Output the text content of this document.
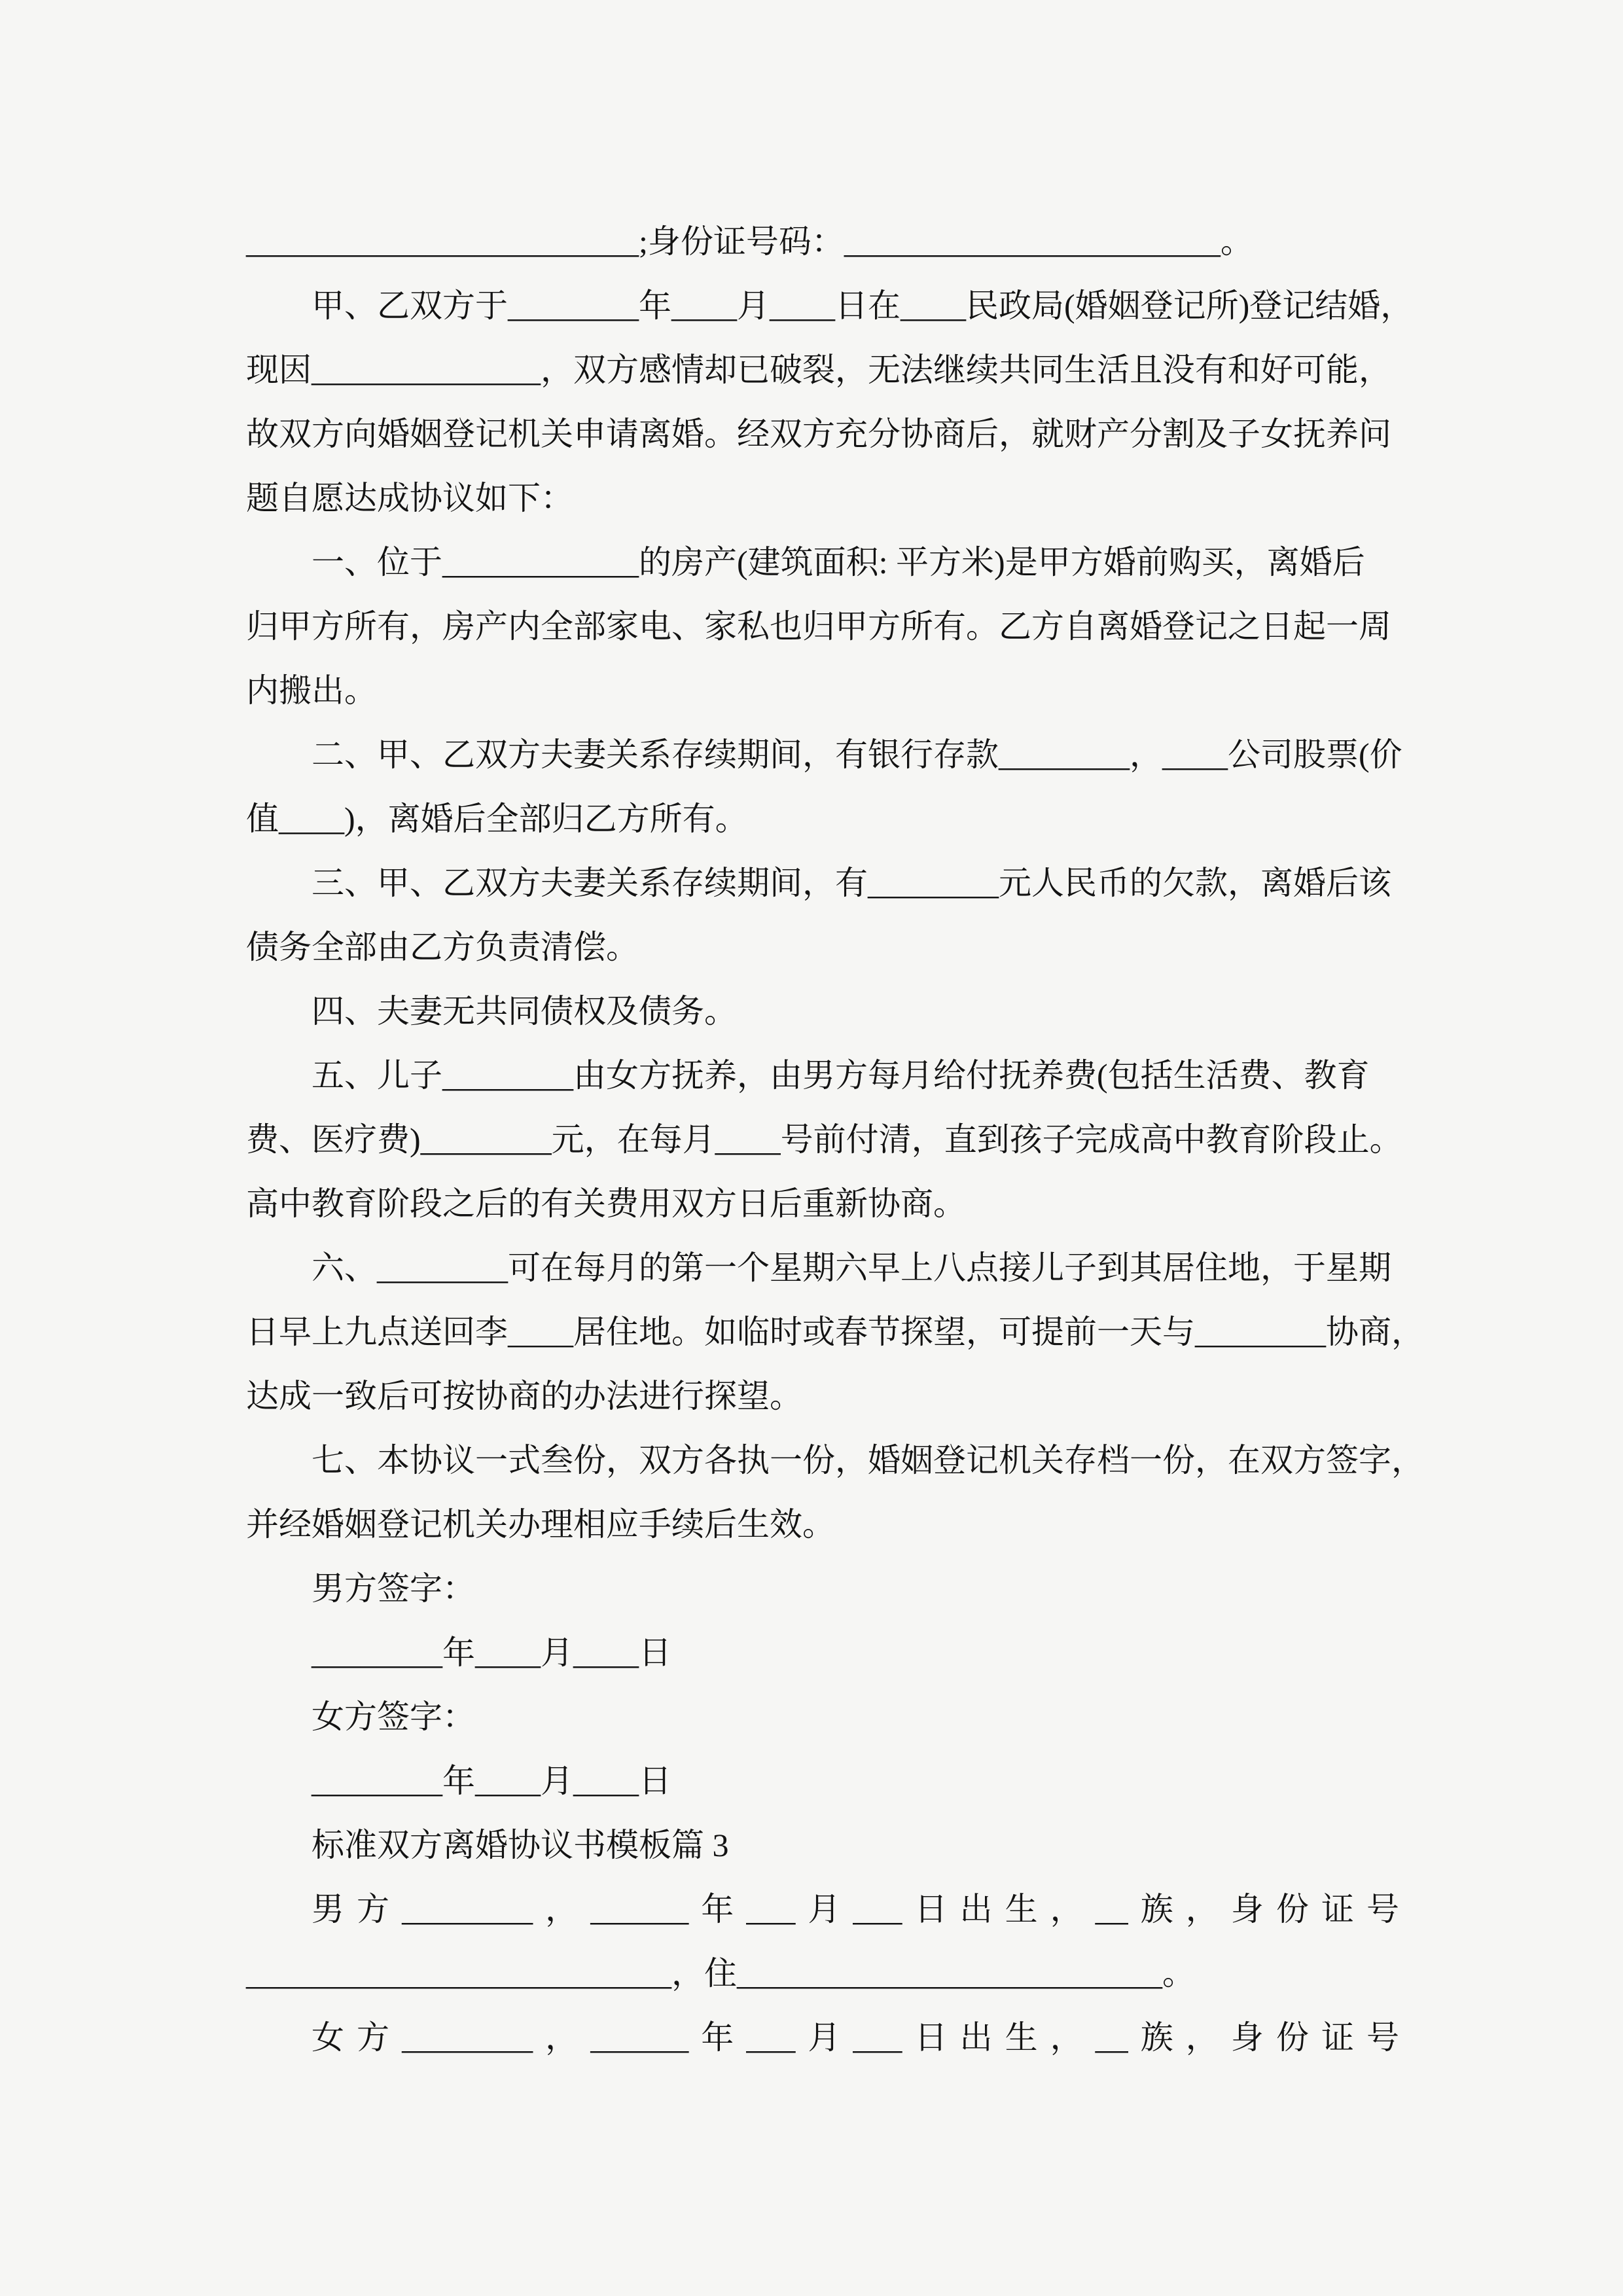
________________________;身份证号码：_______________________。
甲、乙双方于________年____月____日在____民政局(婚姻登记所)登记结婚，
现因______________，双方感情却已破裂，无法继续共同生活且没有和好可能，
故双方向婚姻登记机关申请离婚。经双方充分协商后，就财产分割及子女抚养问
题自愿达成协议如下：
一、位于____________的房产(建筑面积: 平方米)是甲方婚前购买，离婚后
归甲方所有，房产内全部家电、家私也归甲方所有。乙方自离婚登记之日起一周
内搬出。
二、甲、乙双方夫妻关系存续期间，有银行存款________，____公司股票(价
值____)，离婚后全部归乙方所有。
三、甲、乙双方夫妻关系存续期间，有________元人民币的欠款，离婚后该
债务全部由乙方负责清偿。
四、夫妻无共同债权及债务。
五、儿子________由女方抚养，由男方每月给付抚养费(包括生活费、教育
费、医疗费)________元，在每月____号前付清，直到孩子完成高中教育阶段止。
高中教育阶段之后的有关费用双方日后重新协商。
六、________可在每月的第一个星期六早上八点接儿子到其居住地，于星期
日早上九点送回李____居住地。如临时或春节探望，可提前一天与________协商，
达成一致后可按协商的办法进行探望。
七、本协议一式叁份，双方各执一份，婚姻登记机关存档一份，在双方签字，
并经婚姻登记机关办理相应手续后生效。
男方签字：
________年____月____日
女方签字：
________年____月____日
标准双方离婚协议书模板篇 3
男方________，______年___月___日出生，__族，身份证号
__________________________，住__________________________。
女方________，______年___月___日出生，__族，身份证号
